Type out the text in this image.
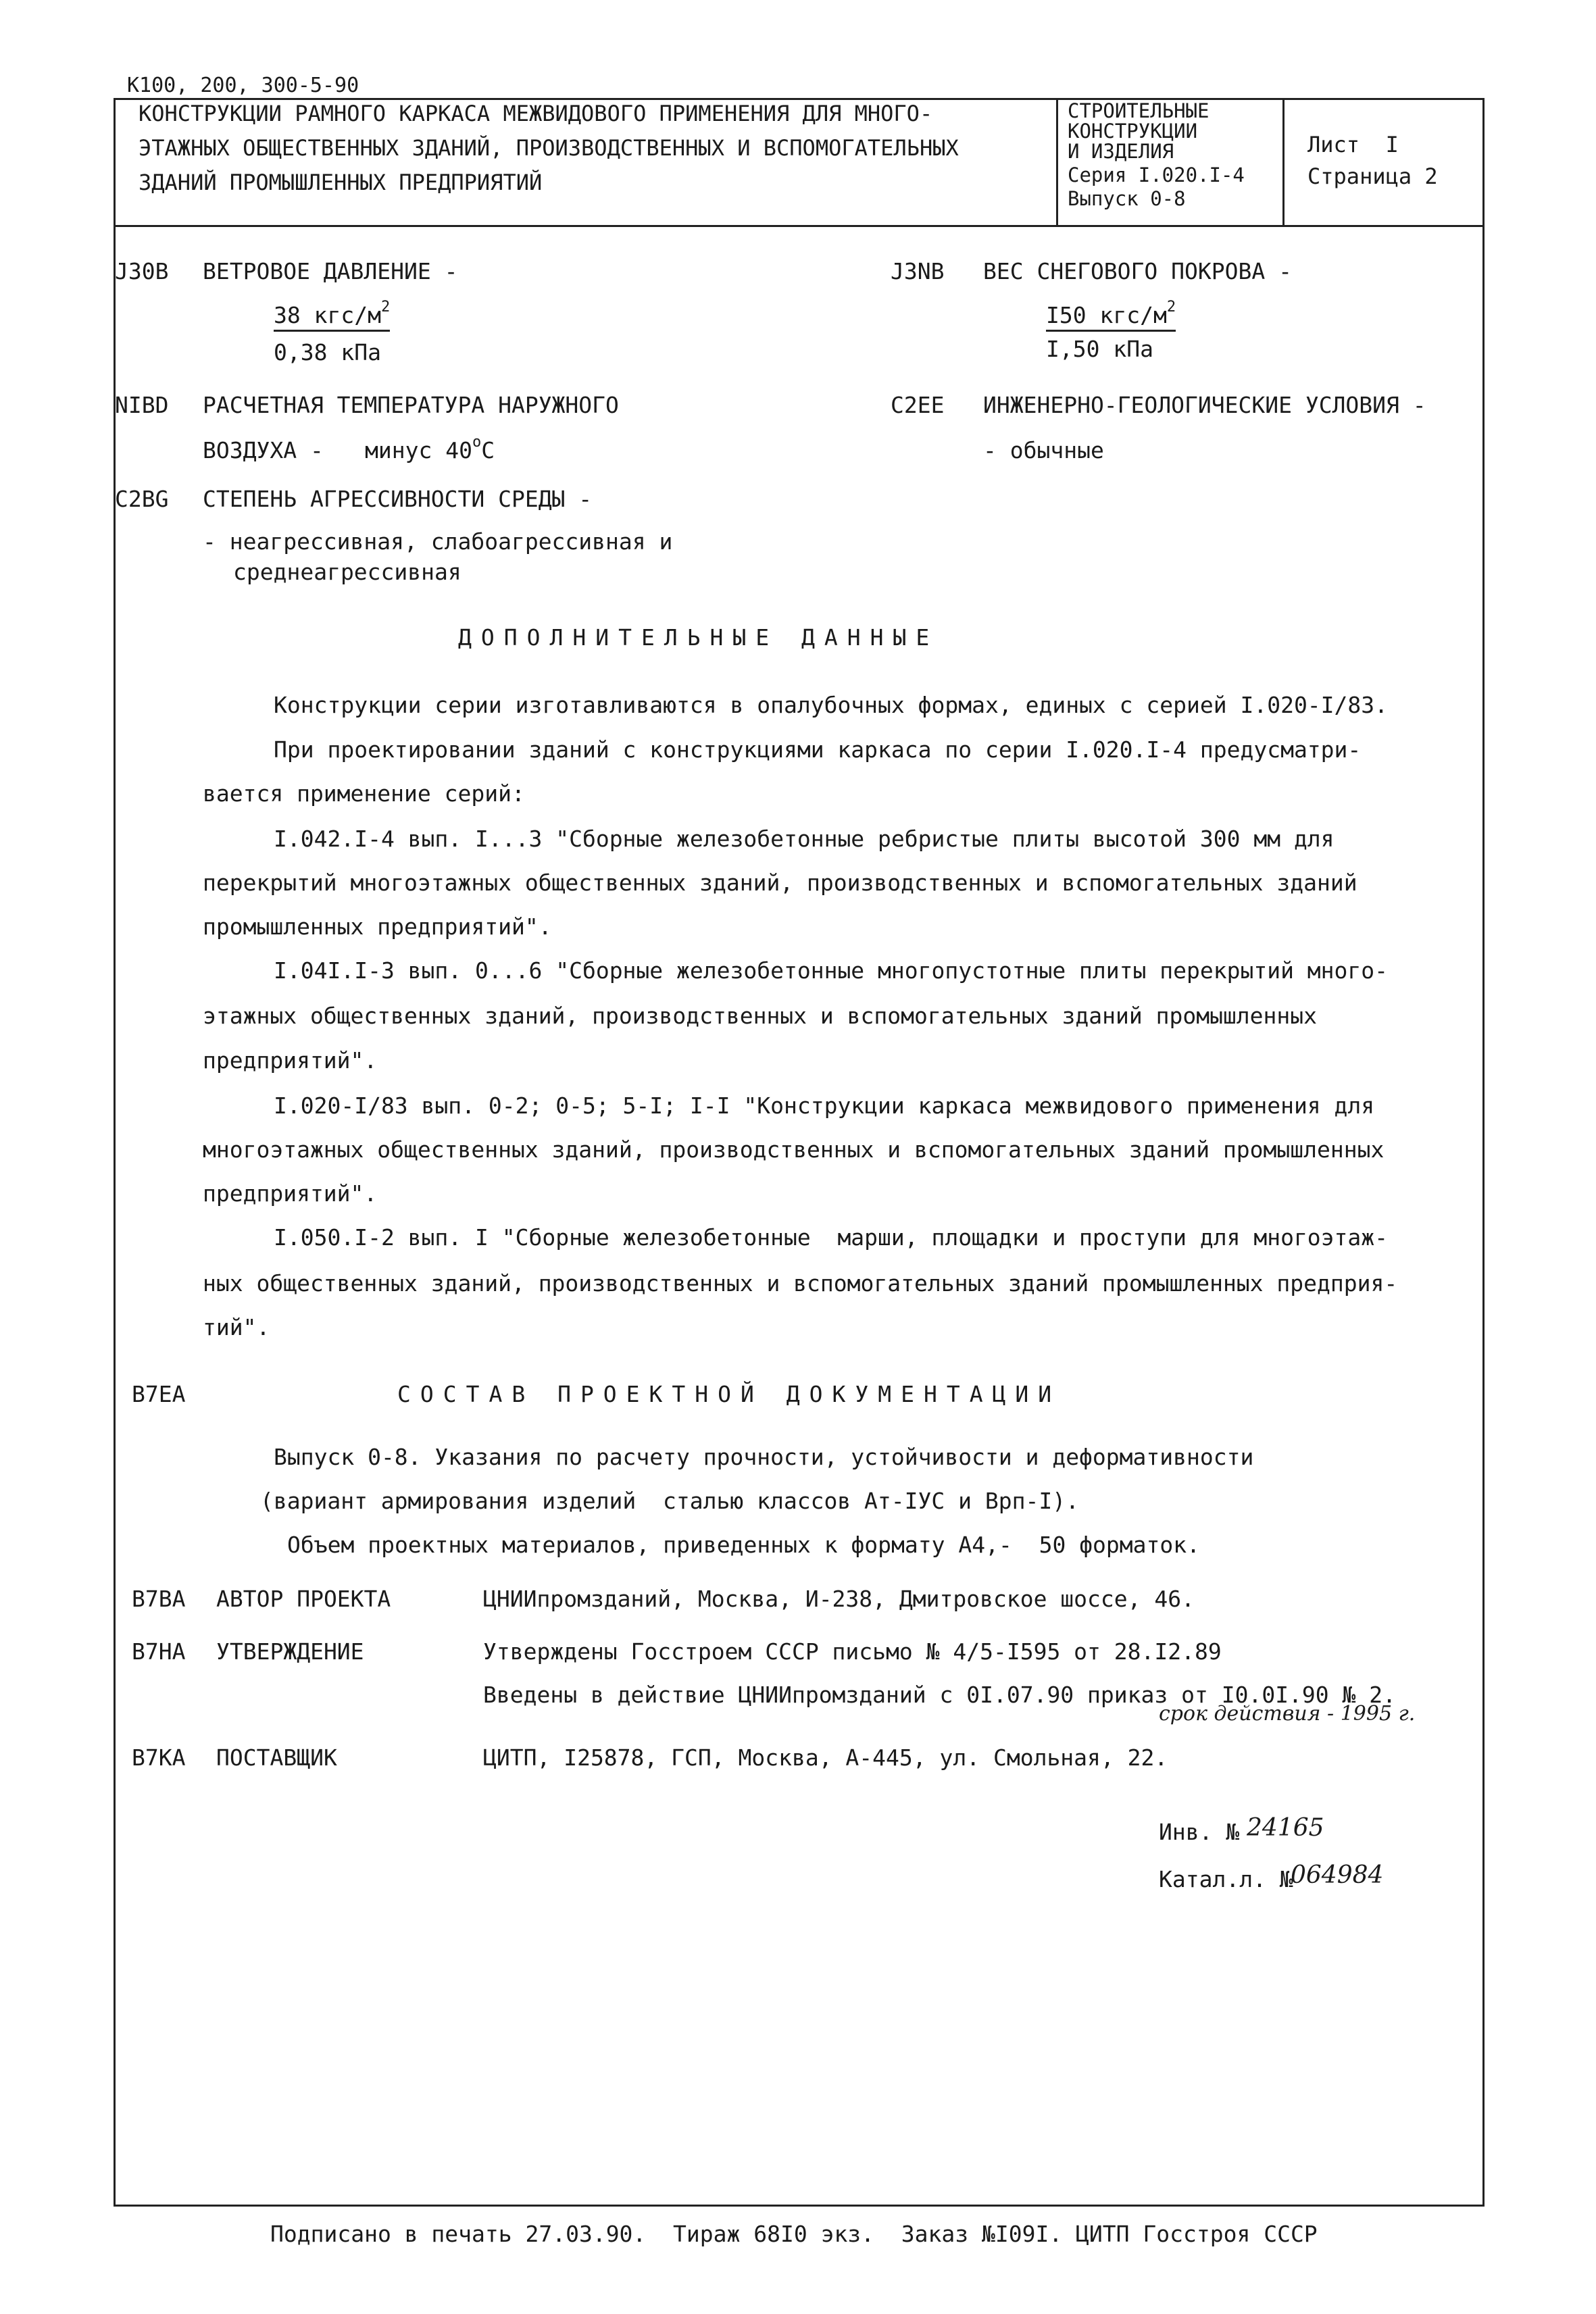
К100, 200, 300-5-90
КОНСТРУКЦИИ РАМНОГО КАРКАСА МЕЖВИДОВОГО ПРИМЕНЕНИЯ ДЛЯ МНОГО-
ЭТАЖНЫХ ОБЩЕСТВЕННЫХ ЗДАНИЙ, ПРОИЗВОДСТВЕННЫХ И ВСПОМОГАТЕЛЬНЫХ
ЗДАНИЙ ПРОМЫШЛЕННЫХ ПРЕДПРИЯТИЙ
СТРОИТЕЛЬНЫЕ
КОНСТРУКЦИИ
И ИЗДЕЛИЯ
Серия I.020.I-4
Выпуск 0-8
Лист  I
Страница 2
J30B ВЕТРОВОЕ ДАВЛЕНИЕ -
38 кгс/$м^2$
0,38 кПа
J3NB ВЕС СНЕГОВОГО ПОКРОВА -
I50 кгс/$м^2$
I,50 кПа
NIBD РАСЧЕТНАЯ ТЕМПЕРАТУРА НАРУЖНОГО
ВОЗДУХА - минус $40^оС$
C2EE ИНЖЕНЕРНО-ГЕОЛОГИЧЕСКИЕ УСЛОВИЯ -
- обычные
C2BG СТЕПЕНЬ АГРЕССИВНОСТИ СРЕДЫ -
- неагрессивная, слабоагрессивная и
среднеагрессивная
ДОПОЛНИТЕЛЬНЫЕ ДАННЫЕ
Конструкции серии изготавливаются в опалубочных формах, единых с серией I.020-I/83.
При проектировании зданий с конструкциями каркаса по серии I.020.I-4 предусматри-
вается применение серий:
I.042.I-4 вып. I...3 "Сборные железобетонные ребристые плиты высотой 300 мм для
перекрытий многоэтажных общественных зданий, производственных и вспомогательных зданий
промышленных предприятий".
I.04I.I-3 вып. 0...6 "Сборные железобетонные многопустотные плиты перекрытий много-
этажных общественных зданий, производственных и вспомогательных зданий промышленных
предприятий".
I.020-I/83 вып. 0-2; 0-5; 5-I; I-I "Конструкции каркаса межвидового применения для
многоэтажных общественных зданий, производственных и вспомогательных зданий промышленных
предприятий".
I.050.I-2 вып. I "Сборные железобетонные  марши, площадки и проступи для многоэтаж-
ных общественных зданий, производственных и вспомогательных зданий промышленных предприя-
тий".
B7EA	СОСТАВ ПРОЕКТНОЙ ДОКУМЕНТАЦИИ
Выпуск 0-8. Указания по расчету прочности, устойчивости и деформативности
(вариант армирования изделий  сталью классов Ат-IУС и Врп-I).
Объем проектных материалов, приведенных к формату А4,-  50 форматок.
B7BA АВТОР ПРОЕКТА	ЦНИИпромзданий, Москва, И-238, Дмитровское шоссе, 46.
B7HA УТВЕРЖДЕНИЕ	Утверждены Госстроем СССР письмо № 4/5-I595 от 28.I2.89
Введены в действие ЦНИИпромзданий с 0I.07.90 приказ от I0.0I.90 № 2.
срок действия - 1995 г.
B7KA ПОСТАВЩИК	ЦИТП, I25878, ГСП, Москва, А-445, ул. Смольная, 22.
Инв. № 24165
Катал.л. №
064984
Подписано в печать 27.03.90.  Тираж 68I0 экз.  Заказ №I09I. ЦИТП Госстроя СССР
